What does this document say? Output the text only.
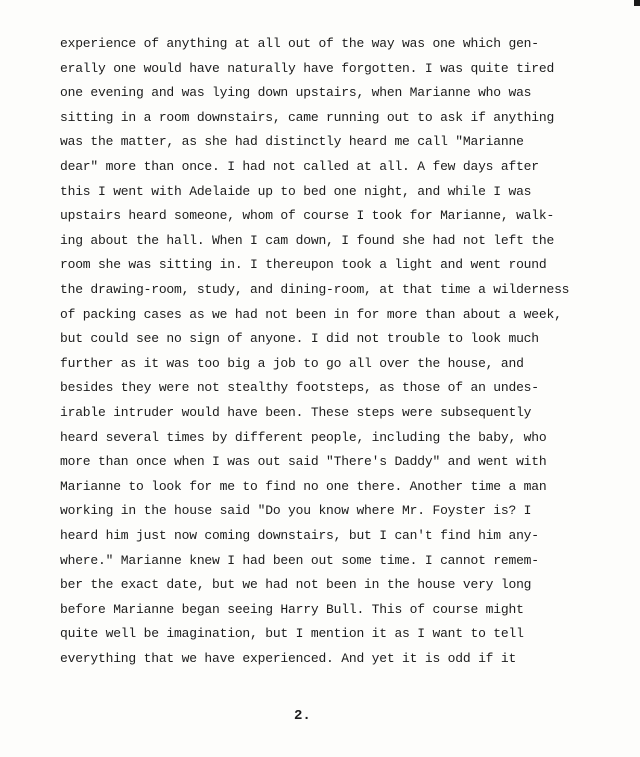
experience of anything at all out of the way was one which gen-
erally one would have naturally have forgotten. I was quite tired
one evening and was lying down upstairs, when Marianne who was
sitting in a room downstairs, came running out to ask if anything
was the matter, as she had distinctly heard me call "Marianne
dear" more than once. I had not called at all. A few days after
this I went with Adelaide up to bed one night, and while I was
upstairs heard someone, whom of course I took for Marianne, walk-
ing about the hall. When I cam down, I found she had not left the
room she was sitting in. I thereupon took a light and went round
the drawing-room, study, and dining-room, at that time a wilderness
of packing cases as we had not been in for more than about a week,
but could see no sign of anyone. I did not trouble to look much
further as it was too big a job to go all over the house, and
besides they were not stealthy footsteps, as those of an undes-
irable intruder would have been. These steps were subsequently
heard several times by different people, including the baby, who
more than once when I was out said "There's Daddy" and went with
Marianne to look for me to find no one there. Another time a man
working in the house said "Do you know where Mr. Foyster is? I
heard him just now coming downstairs, but I can't find him any-
where." Marianne knew I had been out some time. I cannot remem-
ber the exact date, but we had not been in the house very long
before Marianne began seeing Harry Bull. This of course might
quite well be imagination, but I mention it as I want to tell
everything that we have experienced. And yet it is odd if it
2.
